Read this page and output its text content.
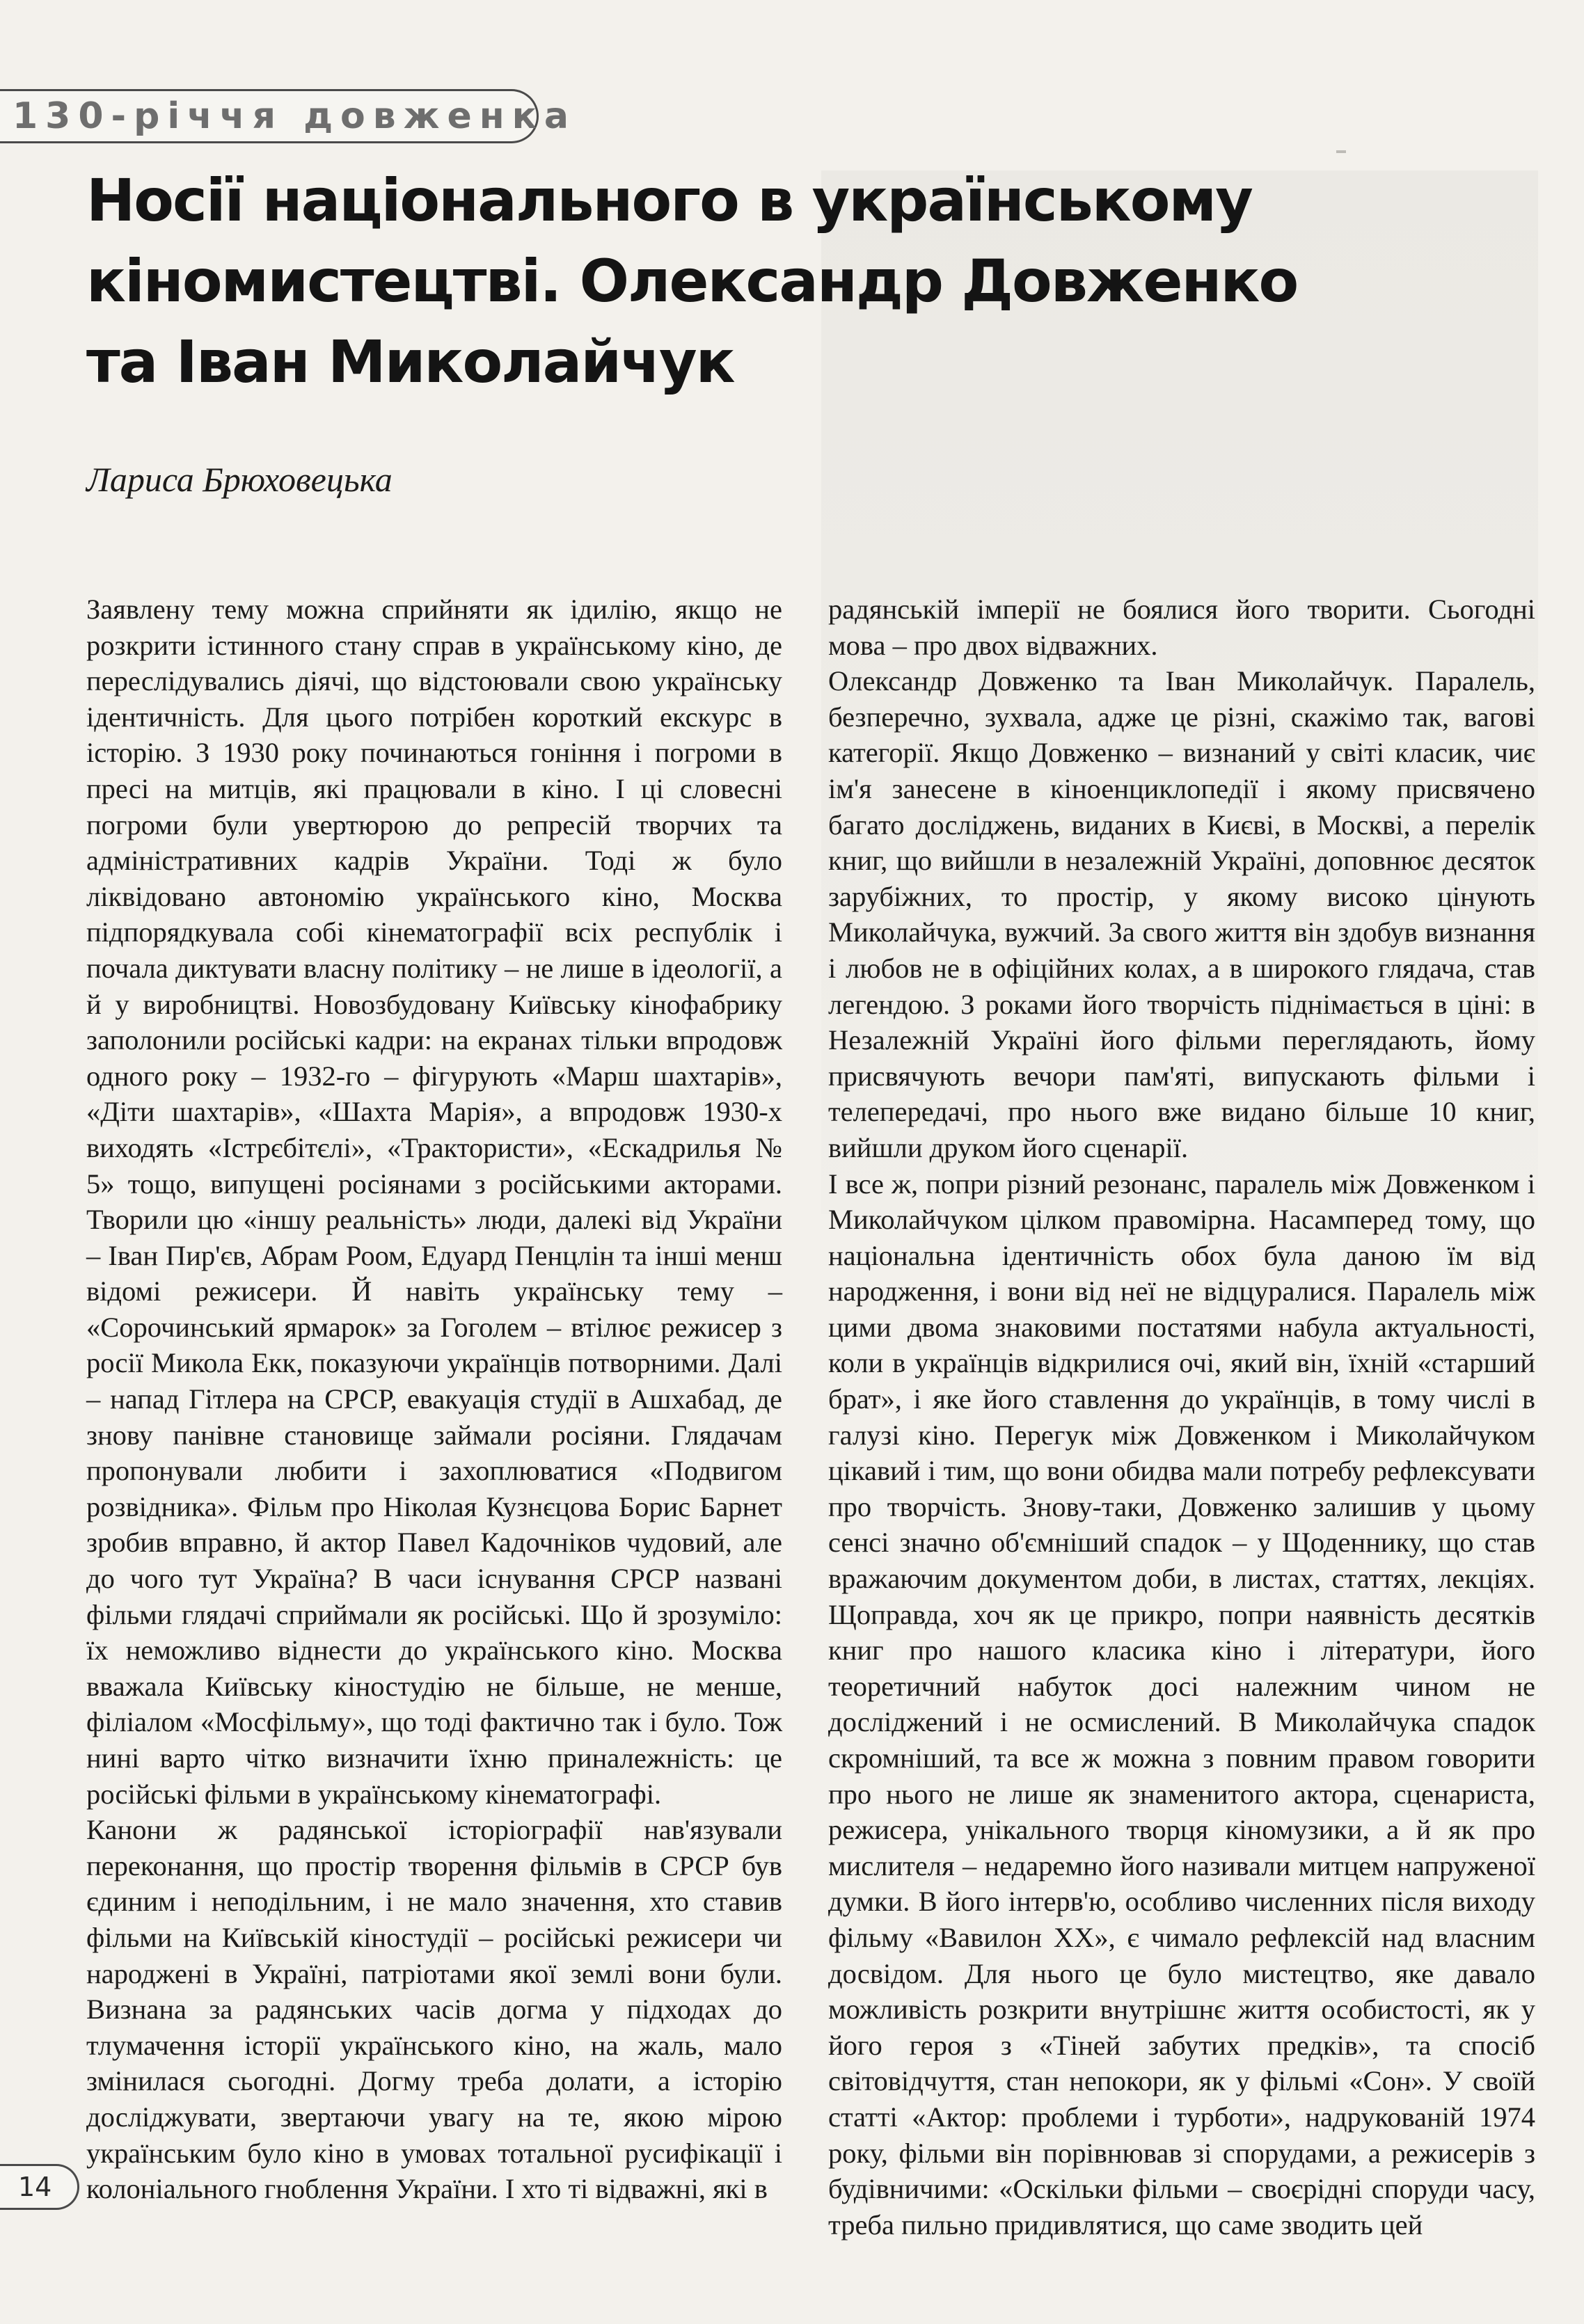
130-річчя довженка
Носії національного в українському кіномистецтві. Олександр Довженко та Іван Миколайчук

Лариса Брюховецька

Заявлену тему можна сприйняти як ідилію, якщо не розкрити істинного стану справ в українському кіно, де переслідувались діячі, що відстоювали свою українську ідентичність. Для цього потрібен короткий екскурс в історію. З 1930 року починаються гоніння і погроми в пресі на митців, які працювали в кіно. І ці словесні погроми були увертюрою до репресій творчих та адміністративних кадрів України. Тоді ж було ліквідовано автономію українського кіно, Москва підпорядкувала собі кінематографії всіх республік і почала диктувати власну політику – не лише в ідеології, а й у виробництві. Новозбудовану Київську кінофабрику заполонили російські кадри: на екранах тільки впродовж одного року – 1932-го – фігурують «Марш шахтарів», «Діти шахтарів», «Шахта Марія», а впродовж 1930-х виходять «Істрєбітєлі», «Трактористи», «Ескадрилья № 5» тощо, випущені росіянами з російськими акторами. Творили цю «іншу реальність» люди, далекі від України – Іван Пир'єв, Абрам Роом, Едуард Пенцлін та інші менш відомі режисери. Й навіть українську тему – «Сорочинський ярмарок» за Гоголем – втілює режисер з росії Микола Екк, показуючи українців потворними. Далі – напад Гітлера на СРСР, евакуація студії в Ашхабад, де знову панівне становище займали росіяни. Глядачам пропонували любити і захоплюватися «Подвигом розвідника». Фільм про Ніколая Кузнєцова Борис Барнет зробив вправно, й актор Павел Кадочніков чудовий, але до чого тут Україна? В часи існування СРСР названі фільми глядачі сприймали як російські. Що й зрозуміло: їх неможливо віднести до українського кіно. Москва вважала Київську кіностудію не більше, не менше, філіалом «Мосфільму», що тоді фактично так і було. Тож нині варто чітко визначити їхню приналежність: це російські фільми в українському кінематографі.

Канони ж радянської історіографії нав'язували переконання, що простір творення фільмів в СРСР був єдиним і неподільним, і не мало значення, хто ставив фільми на Київській кіностудії – російські режисери чи народжені в Україні, патріотами якої землі вони були. Визнана за радянських часів догма у підходах до тлумачення історії українського кіно, на жаль, мало змінилася сьогодні. Догму треба долати, а історію досліджувати, звертаючи увагу на те, якою мірою українським було кіно в умовах тотальної русифікації і колоніального гноблення України. І хто ті відважні, які в

радянській імперії не боялися його творити. Сьогодні мова – про двох відважних.

Олександр Довженко та Іван Миколайчук. Паралель, безперечно, зухвала, адже це різні, скажімо так, вагові категорії. Якщо Довженко – визнаний у світі класик, чиє ім'я занесене в кіноенциклопедії і якому присвячено багато досліджень, виданих в Києві, в Москві, а перелік книг, що вийшли в незалежній Україні, доповнює десяток зарубіжних, то простір, у якому високо цінують Миколайчука, вужчий. За свого життя він здобув визнання і любов не в офіційних колах, а в широкого глядача, став легендою. З роками його творчість піднімається в ціні: в Незалежній Україні його фільми переглядають, йому присвячують вечори пам'яті, випускають фільми і телепередачі, про нього вже видано більше 10 книг, вийшли друком його сценарії.

І все ж, попри різний резонанс, паралель між Довженком і Миколайчуком цілком правомірна. Насамперед тому, що національна ідентичність обох була даною їм від народження, і вони від неї не відцуралися. Паралель між цими двома знаковими постатями набула актуальності, коли в українців відкрилися очі, який він, їхній «старший брат», і яке його ставлення до українців, в тому числі в галузі кіно. Перегук між Довженком і Миколайчуком цікавий і тим, що вони обидва мали потребу рефлексувати про творчість. Знову-таки, Довженко залишив у цьому сенсі значно об'ємніший спадок – у Щоденнику, що став вражаючим документом доби, в листах, статтях, лекціях. Щоправда, хоч як це прикро, попри наявність десятків книг про нашого класика кіно і літератури, його теоретичний набуток досі належним чином не досліджений і не осмислений. В Миколайчука спадок скромніший, та все ж можна з повним правом говорити про нього не лише як знаменитого актора, сценариста, режисера, унікального творця кіномузики, а й як про мислителя – недаремно його називали митцем напруженої думки. В його інтерв'ю, особливо численних після виходу фільму «Вавилон ХХ», є чимало рефлексій над власним досвідом. Для нього це було мистецтво, яке давало можливість розкрити внутрішнє життя особистості, як у його героя з «Тіней забутих предків», та спосіб світовідчуття, стан непокори, як у фільмі «Сон». У своїй статті «Актор: проблеми і турботи», надрукованій 1974 року, фільми він порівнював зі спорудами, а режисерів з будівничими: «Оскільки фільми – своєрідні споруди часу, треба пильно придивлятися, що саме зводить цей

14
